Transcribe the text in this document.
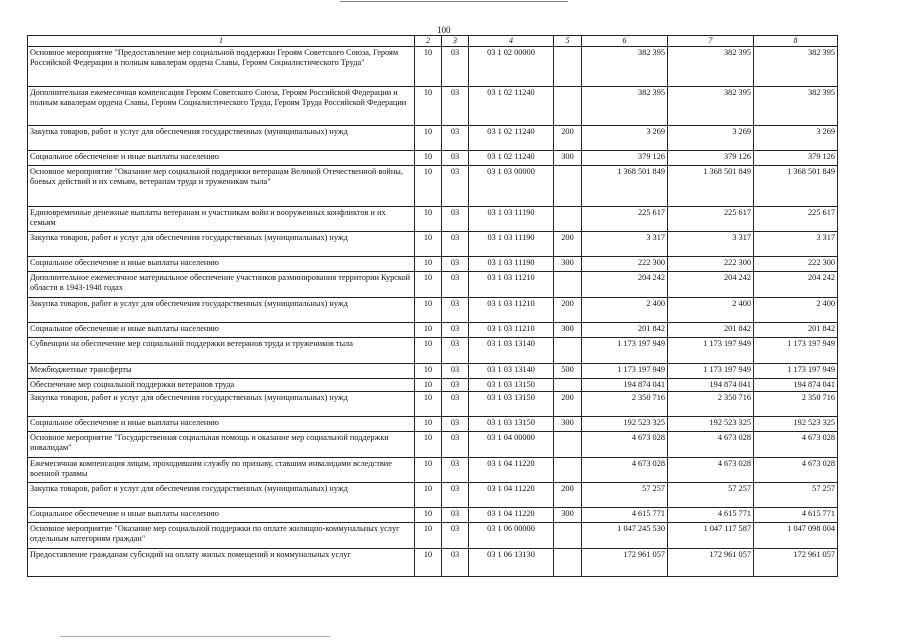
100
1	2	3	4	5	6	7	8
Основное мероприятие "Предоставление мер социальной поддержки Героям Советского Союза, Героям Российской Федерации и полным кавалерам ордена Славы, Героям Социалистического Труда"	10	03	03 1 02 00000		382 395	382 395	382 395
Дополнительная ежемесячная компенсация Героям Советского Союза, Героям Российской Федерации и полным кавалерам ордена Славы, Героям Социалистического Труда, Героям Труда Российской Федерации	10	03	03 1 02 11240		382 395	382 395	382 395
Закупка товаров, работ и услуг для обеспечения государственных (муниципальных) нужд	10	03	03 1 02 11240	200	3 269	3 269	3 269
Социальное обеспечение и иные выплаты населению	10	03	03 1 02 11240	300	379 126	379 126	379 126
Основное мероприятие "Оказание мер социальной поддержки ветеранам Великой Отечественной войны, боевых действий и их семьям, ветеранам труда и труженикам тыла"	10	03	03 1 03 00000		1 368 501 849	1 368 501 849	1 368 501 849
Единовременные денежные выплаты ветеранам и участникам войн и вооруженных конфликтов и их семьям	10	03	03 1 03 11190		225 617	225 617	225 617
Закупка товаров, работ и услуг для обеспечения государственных (муниципальных) нужд	10	03	03 1 03 11190	200	3 317	3 317	3 317
Социальное обеспечение и иные выплаты населению	10	03	03 1 03 11190	300	222 300	222 300	222 300
Дополнительное ежемесячное материальное обеспечение участников разминирования территории Курской области в 1943-1948 годах	10	03	03 1 03 11210		204 242	204 242	204 242
Закупка товаров, работ и услуг для обеспечения государственных (муниципальных) нужд	10	03	03 1 03 11210	200	2 400	2 400	2 400
Социальное обеспечение и иные выплаты населению	10	03	03 1 03 11210	300	201 842	201 842	201 842
Субвенции на обеспечение мер социальной поддержки ветеранов труда и тружеников тыла	10	03	03 1 03 13140		1 173 197 949	1 173 197 949	1 173 197 949
Межбюджетные трансферты	10	03	03 1 03 13140	500	1 173 197 949	1 173 197 949	1 173 197 949
Обеспечение мер социальной поддержки ветеранов труда	10	03	03 1 03 13150		194 874 041	194 874 041	194 874 041
Закупка товаров, работ и услуг для обеспечения государственных (муниципальных) нужд	10	03	03 1 03 13150	200	2 350 716	2 350 716	2 350 716
Социальное обеспечение и иные выплаты населению	10	03	03 1 03 13150	300	192 523 325	192 523 325	192 523 325
Основное мероприятие "Государственная социальная помощь и оказание мер социальной поддержки инвалидам"	10	03	03 1 04 00000		4 673 028	4 673 028	4 673 028
Ежемесячная компенсация лицам, проходившим службу по призыву, ставшим инвалидами вследствие военной травмы	10	03	03 1 04 11220		4 673 028	4 673 028	4 673 028
Закупка товаров, работ и услуг для обеспечения государственных (муниципальных) нужд	10	03	03 1 04 11220	200	57 257	57 257	57 257
Социальное обеспечение и иные выплаты населению	10	03	03 1 04 11220	300	4 615 771	4 615 771	4 615 771
Основное мероприятие "Оказание мер социальной поддержки по оплате жилищно-коммунальных услуг отдельным категориям граждан"	10	03	03 1 06 00000		1 047 245 530	1 047 117 587	1 047 098 004
Предоставление гражданам субсидий на оплату жилых помещений и коммунальных услуг	10	03	03 1 06 13130		172 961 057	172 961 057	172 961 057
